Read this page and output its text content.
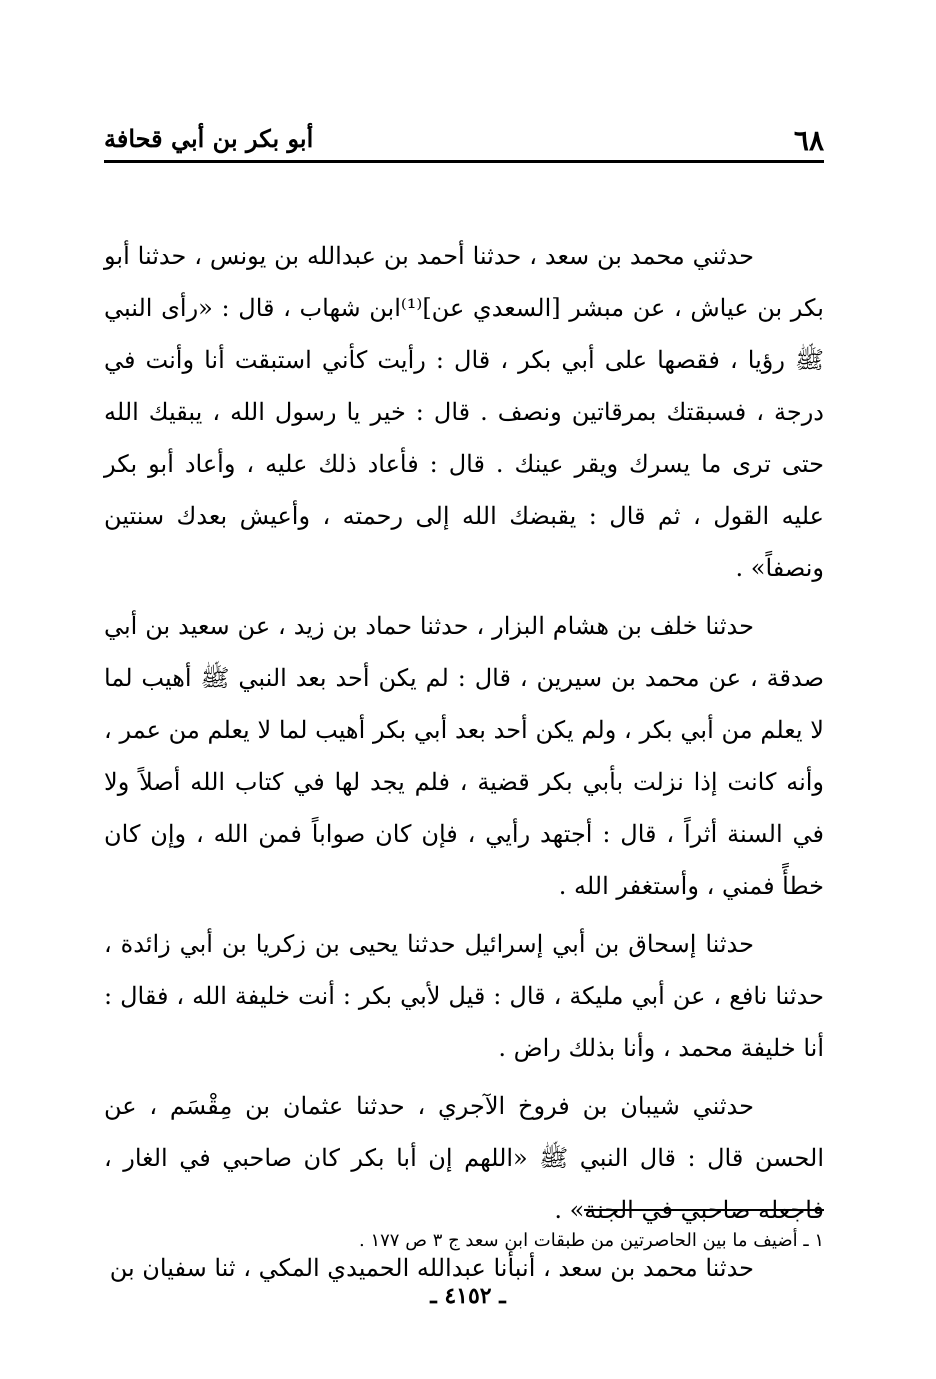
٦٨
أبو بكر بن أبي قحافة

حدثني محمد بن سعد ، حدثنا أحمد بن عبدالله بن يونس ، حدثنا أبو بكر بن عياش ، عن مبشر [السعدي عن]⁽¹⁾ابن شهاب ، قال : «رأى النبي ﷺ رؤيا ، فقصها على أبي بكر ، قال : رأيت كأني استبقت أنا وأنت في درجة ، فسبقتك بمرقاتين ونصف . قال : خير يا رسول الله ، يبقيك الله حتى ترى ما يسرك ويقر عينك . قال : فأعاد ذلك عليه ، وأعاد أبو بكر عليه القول ، ثم قال : يقبضك الله إلى رحمته ، وأعيش بعدك سنتين ونصفاً» .

حدثنا خلف بن هشام البزار ، حدثنا حماد بن زيد ، عن سعيد بن أبي صدقة ، عن محمد بن سيرين ، قال : لم يكن أحد بعد النبي ﷺ أهيب لما لا يعلم من أبي بكر ، ولم يكن أحد بعد أبي بكر أهيب لما لا يعلم من عمر ، وأنه كانت إذا نزلت بأبي بكر قضية ، فلم يجد لها في كتاب الله أصلاً ولا في السنة أثراً ، قال : أجتهد رأيي ، فإن كان صواباً فمن الله ، وإن كان خطأً فمني ، وأستغفر الله .

حدثنا إسحاق بن أبي إسرائيل حدثنا يحيى بن زكريا بن أبي زائدة ، حدثنا نافع ، عن أبي مليكة ، قال : قيل لأبي بكر : أنت خليفة الله ، فقال : أنا خليفة محمد ، وأنا بذلك راض .

حدثني شيبان بن فروخ الآجري ، حدثنا عثمان بن مِقْسَم ، عن الحسن قال : قال النبي ﷺ «اللهم إن أبا بكر كان صاحبي في الغار ، فاجعله صاحبي في الجنة» .

حدثنا محمد بن سعد ، أنبأنا عبدالله الحميدي المكي ، ثنا سفيان بن

١ ـ أضيف ما بين الحاصرتين من طبقات ابن سعد ج ٣ ص ١٧٧ .
ـ ٤١٥٢ ـ
